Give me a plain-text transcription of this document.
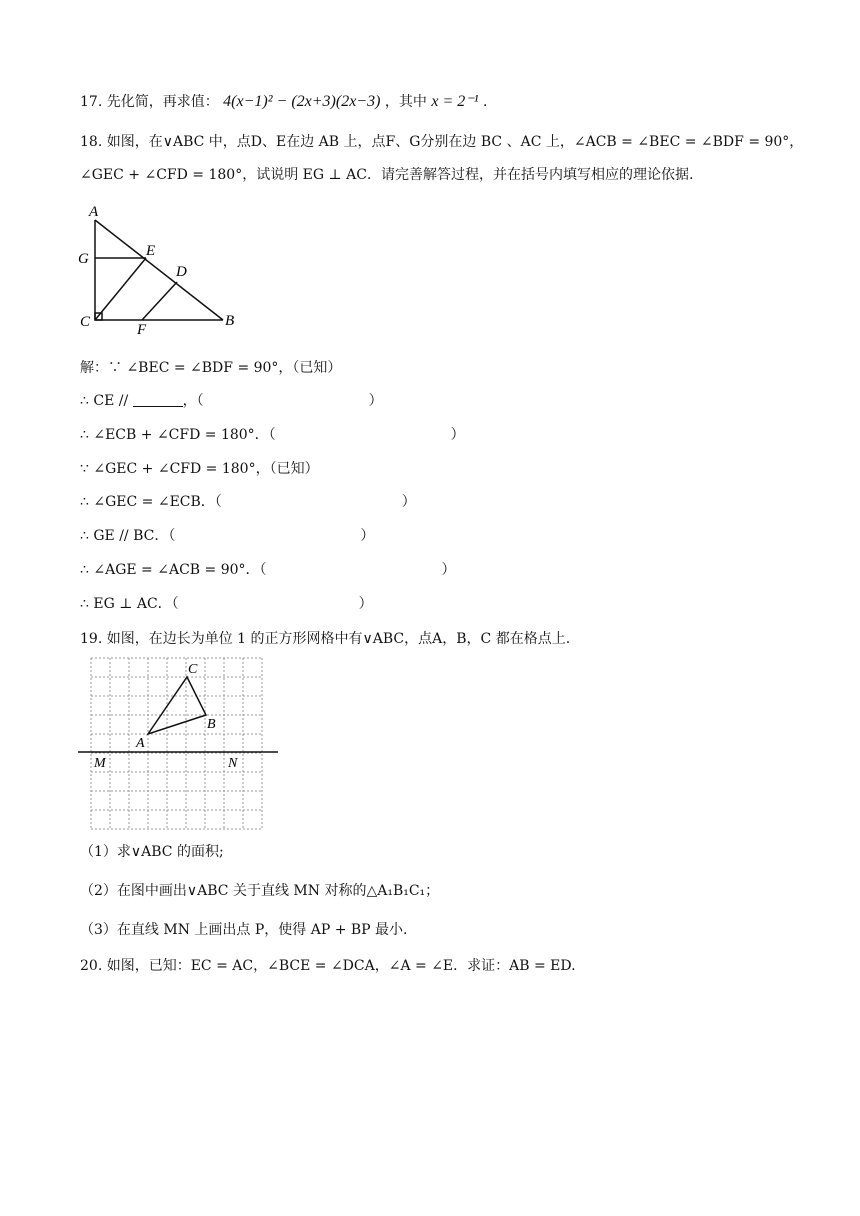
17. 先化简，再求值： 4(x−1)² − (2x+3)(2x−3) ，其中 x = 2⁻¹ .
18. 如图，在∨ABC 中，点D、E在边 AB 上，点F、G分别在边 BC 、AC 上，∠ACB = ∠BEC = ∠BDF = 90°，
∠GEC + ∠CFD = 180°，试说明 EG ⊥ AC．请完善解答过程，并在括号内填写相应的理论依据.
A
G	E
D
C	F
B
解：∵ ∠BEC = ∠BDF = 90°，（已知）
∴ CE //	，（	）
∴ ∠ECB + ∠CFD = 180°．（	）
∵ ∠GEC + ∠CFD = 180°，（已知）
∴ ∠GEC = ∠ECB．（	）
∴ GE // BC．（	）
∴ ∠AGE = ∠ACB = 90°．（	）
∴ EG ⊥ AC．（	）
19. 如图，在边长为单位 1 的正方形网格中有∨ABC，点A，B，C 都在格点上.
C
B
A
M	N
（1）求∨ABC 的面积;
（2）在图中画出∨ABC 关于直线 MN 对称的△A₁B₁C₁；
（3）在直线 MN 上画出点 P，使得 AP + BP 最小.
20. 如图，已知：EC = AC，∠BCE = ∠DCA，∠A = ∠E．求证：AB = ED.
